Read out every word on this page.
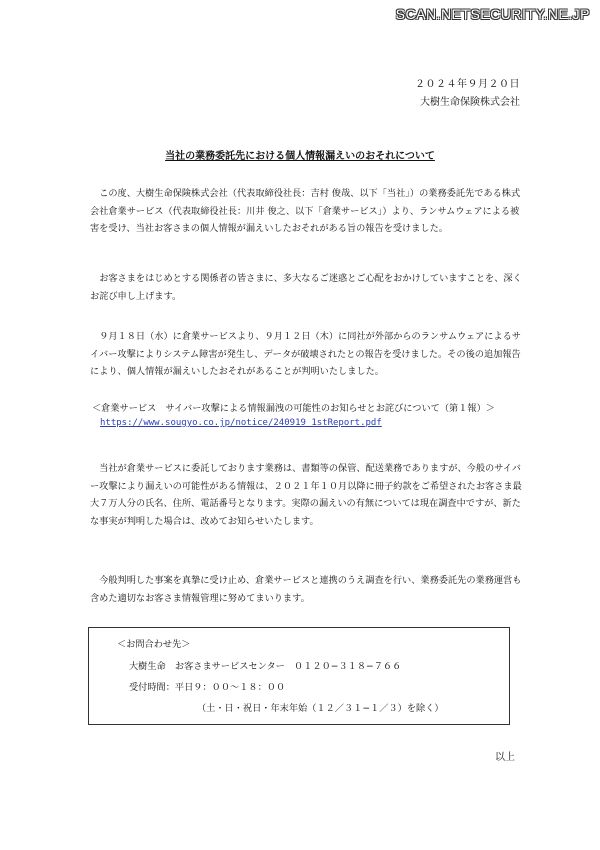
SCAN.NETSECURITY.NE.JP
２０２４年９月２０日
大樹生命保険株式会社
当社の業務委託先における個人情報漏えいのおそれについて

この度、大樹生命保険株式会社（代表取締役社長：吉村 俊哉、以下「当社」）の業務委託先である株式会社倉業サービス（代表取締役社長：川井 俊之、以下「倉業サービス」）より、ランサムウェアによる被害を受け、当社お客さまの個人情報が漏えいしたおそれがある旨の報告を受けました。

お客さまをはじめとする関係者の皆さまに、多大なるご迷惑とご心配をおかけしていますことを、深くお詫び申し上げます。

９月１８日（水）に倉業サービスより、９月１２日（木）に同社が外部からのランサムウェアによるサイバー攻撃によりシステム障害が発生し、データが破壊されたとの報告を受けました。その後の追加報告により、個人情報が漏えいしたおそれがあることが判明いたしました。

＜倉業サービス　サイバー攻撃による情報漏洩の可能性のお知らせとお詫びについて（第１報）＞
https://www.sougyo.co.jp/notice/240919_1stReport.pdf

当社が倉業サービスに委託しております業務は、書類等の保管、配送業務でありますが、今般のサイバー攻撃により漏えいの可能性がある情報は、２０２１年１０月以降に冊子約款をご希望されたお客さま最大７万人分の氏名、住所、電話番号となります。実際の漏えいの有無については現在調査中ですが、新たな事実が判明した場合は、改めてお知らせいたします。

今般判明した事案を真摯に受け止め、倉業サービスと連携のうえ調査を行い、業務委託先の業務運営も含めた適切なお客さま情報管理に努めてまいります。

＜お問合わせ先＞
大樹生命　お客さまサービスセンター　０１２０−３１８−７６６
受付時間：平日９：００〜１８：００
（土・日・祝日・年末年始（１２／３１−１／３）を除く）
以上
